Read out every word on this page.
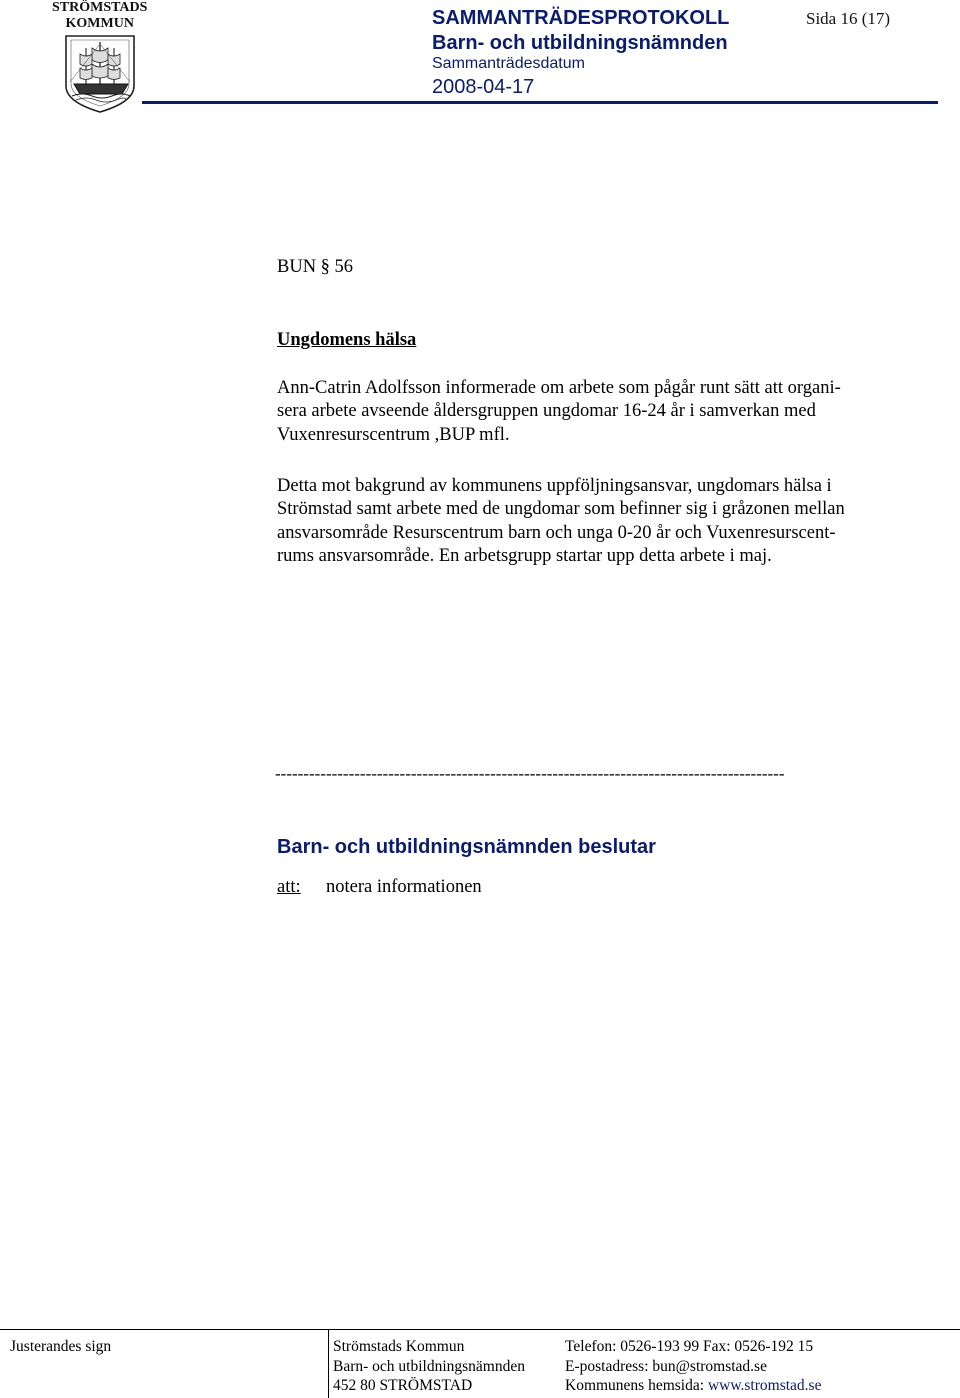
STRÖMSTADS
KOMMUN	SAMMANTRÄDESPROTOKOLL	Sida 16 (17)
Barn- och utbildningsnämnden
Sammanträdesdatum
2008-04-17
BUN § 56
Ungdomens hälsa
Ann-Catrin Adolfsson informerade om arbete som pågår runt sätt att organi-
sera arbete avseende åldersgruppen ungdomar 16-24 år i samverkan med
Vuxenresurscentrum ,BUP mfl.
Detta mot bakgrund av kommunens uppföljningsansvar, ungdomars hälsa i
Strömstad samt arbete med de ungdomar som befinner sig i gråzonen mellan
ansvarsområde Resurscentrum barn och unga 0-20 år och Vuxenresurscent-
rums ansvarsområde. En arbetsgrupp startar upp detta arbete i maj.
------------------------------------------------------------------------------------------
Barn- och utbildningsnämnden beslutar
att: notera informationen
Justerandes sign	Strömstads Kommun
Barn- och utbildningsnämnden
452 80 STRÖMSTAD
Telefon: 0526-193 99 Fax: 0526-192 15
E-postadress: bun@stromstad.se
Kommunens hemsida: www.stromstad.se
